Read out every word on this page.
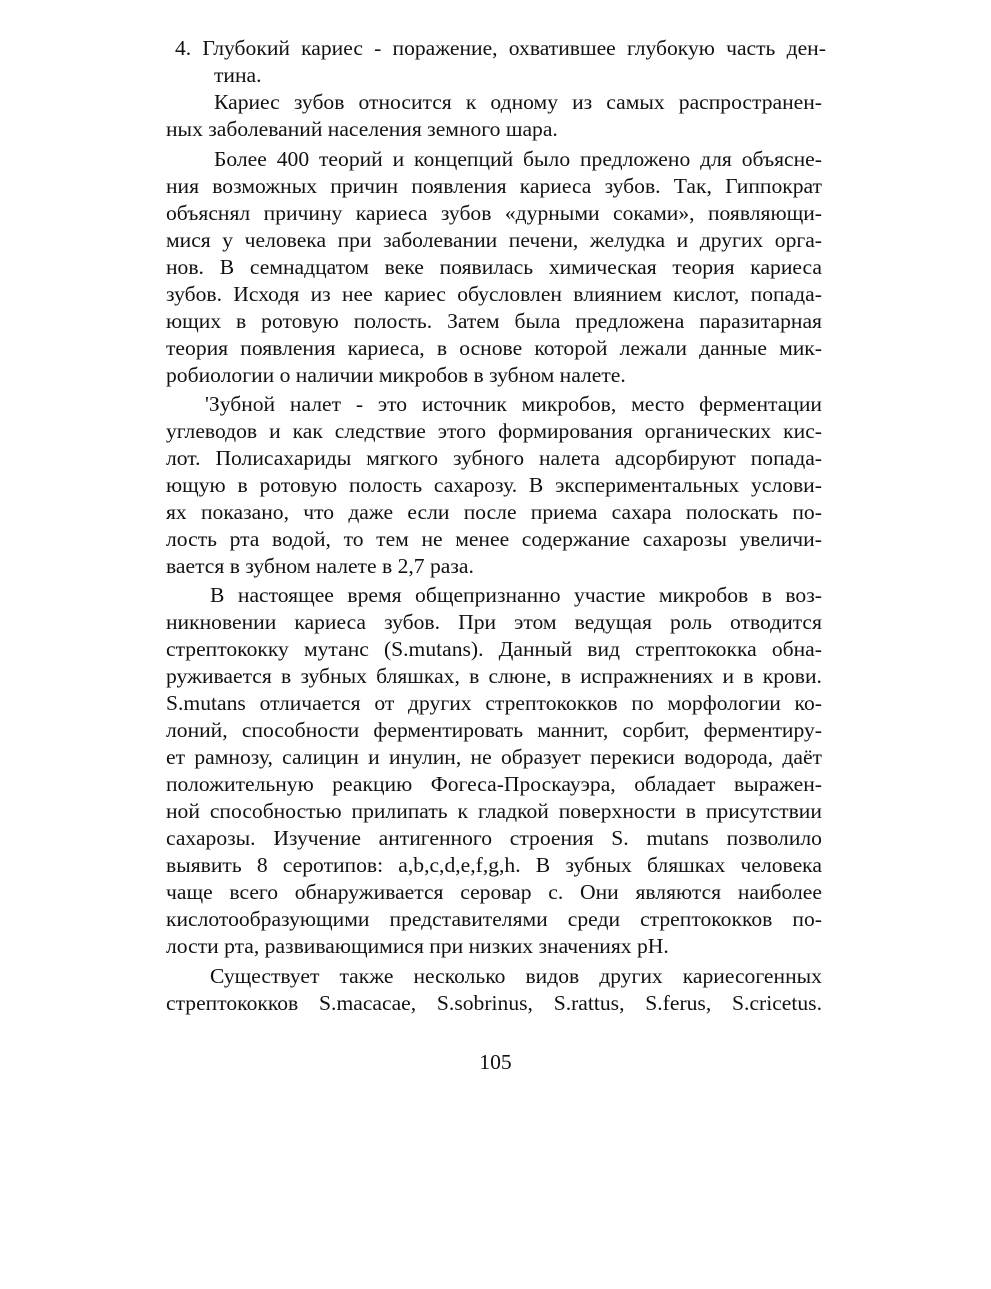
4. Глубокий кариес - поражение, охватившее глубокую часть ден-
тина.
Кариес зубов относится к одному из самых распространен-
ных заболеваний населения земного шара.
Более 400 теорий и концепций было предложено для объясне-
ния возможных причин появления кариеса зубов. Так, Гиппократ
объяснял причину кариеса зубов «дурными соками», появляющи-
мися у человека при заболевании печени, желудка и других орга-
нов. В семнадцатом веке появилась химическая теория кариеса
зубов. Исходя из нее кариес обусловлен влиянием кислот, попада-
ющих в ротовую полость. Затем была предложена паразитарная
теория появления кариеса, в основе которой лежали данные мик-
робиологии о наличии микробов в зубном налете.
'Зубной налет - это источник микробов, место ферментации
углеводов и как следствие этого формирования органических кис-
лот. Полисахариды мягкого зубного налета адсорбируют попада-
ющую в ротовую полость сахарозу. В экспериментальных услови-
ях показано, что даже если после приема сахара полоскать по-
лость рта водой, то тем не менее содержание сахарозы увеличи-
вается в зубном налете в 2,7 раза.
В настоящее время общепризнанно участие микробов в воз-
никновении кариеса зубов. При этом ведущая роль отводится
стрептококку мутанс (S.mutans). Данный вид стрептококка обна-
руживается в зубных бляшках, в слюне, в испражнениях и в крови.
S.mutans отличается от других стрептококков по морфологии ко-
лоний, способности ферментировать маннит, сорбит, ферментиру-
ет рамнозу, салицин и инулин, не образует перекиси водорода, даёт
положительную реакцию Фогеса-Проскауэра, обладает выражен-
ной способностью прилипать к гладкой поверхности в присутствии
сахарозы. Изучение антигенного строения S. mutans позволило
выявить 8 серотипов: a,b,c,d,e,f,g,h. В зубных бляшках человека
чаще всего обнаруживается серовар с. Они являются наиболее
кислотообразующими представителями среди стрептококков по-
лости рта, развивающимися при низких значениях рН.
Существует также несколько видов других кариесогенных
стрептококков S.macacae, S.sobrinus, S.rattus, S.ferus, S.cricetus.
105
